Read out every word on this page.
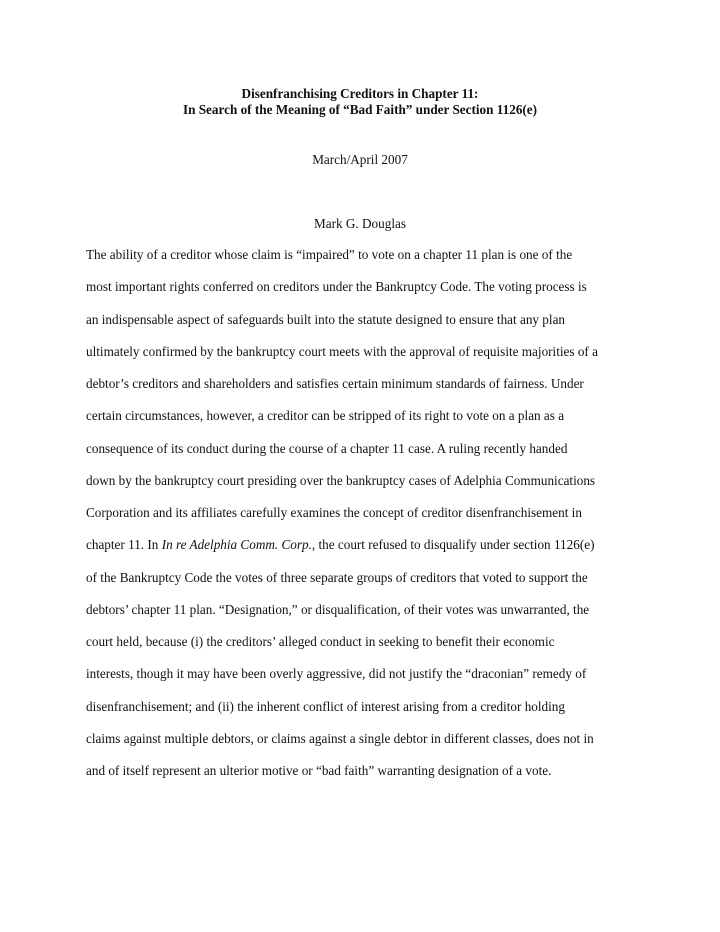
Disenfranchising Creditors in Chapter 11:
In Search of the Meaning of “Bad Faith” under Section 1126(e)
March/April 2007
Mark G. Douglas
The ability of a creditor whose claim is “impaired” to vote on a chapter 11 plan is one of the
most important rights conferred on creditors under the Bankruptcy Code. The voting process is
an indispensable aspect of safeguards built into the statute designed to ensure that any plan
ultimately confirmed by the bankruptcy court meets with the approval of requisite majorities of a
debtor’s creditors and shareholders and satisfies certain minimum standards of fairness. Under
certain circumstances, however, a creditor can be stripped of its right to vote on a plan as a
consequence of its conduct during the course of a chapter 11 case. A ruling recently handed
down by the bankruptcy court presiding over the bankruptcy cases of Adelphia Communications
Corporation and its affiliates carefully examines the concept of creditor disenfranchisement in
chapter 11. In In re Adelphia Comm. Corp., the court refused to disqualify under section 1126(e)
of the Bankruptcy Code the votes of three separate groups of creditors that voted to support the
debtors’ chapter 11 plan. “Designation,” or disqualification, of their votes was unwarranted, the
court held, because (i) the creditors’ alleged conduct in seeking to benefit their economic
interests, though it may have been overly aggressive, did not justify the “draconian” remedy of
disenfranchisement; and (ii) the inherent conflict of interest arising from a creditor holding
claims against multiple debtors, or claims against a single debtor in different classes, does not in
and of itself represent an ulterior motive or “bad faith” warranting designation of a vote.
